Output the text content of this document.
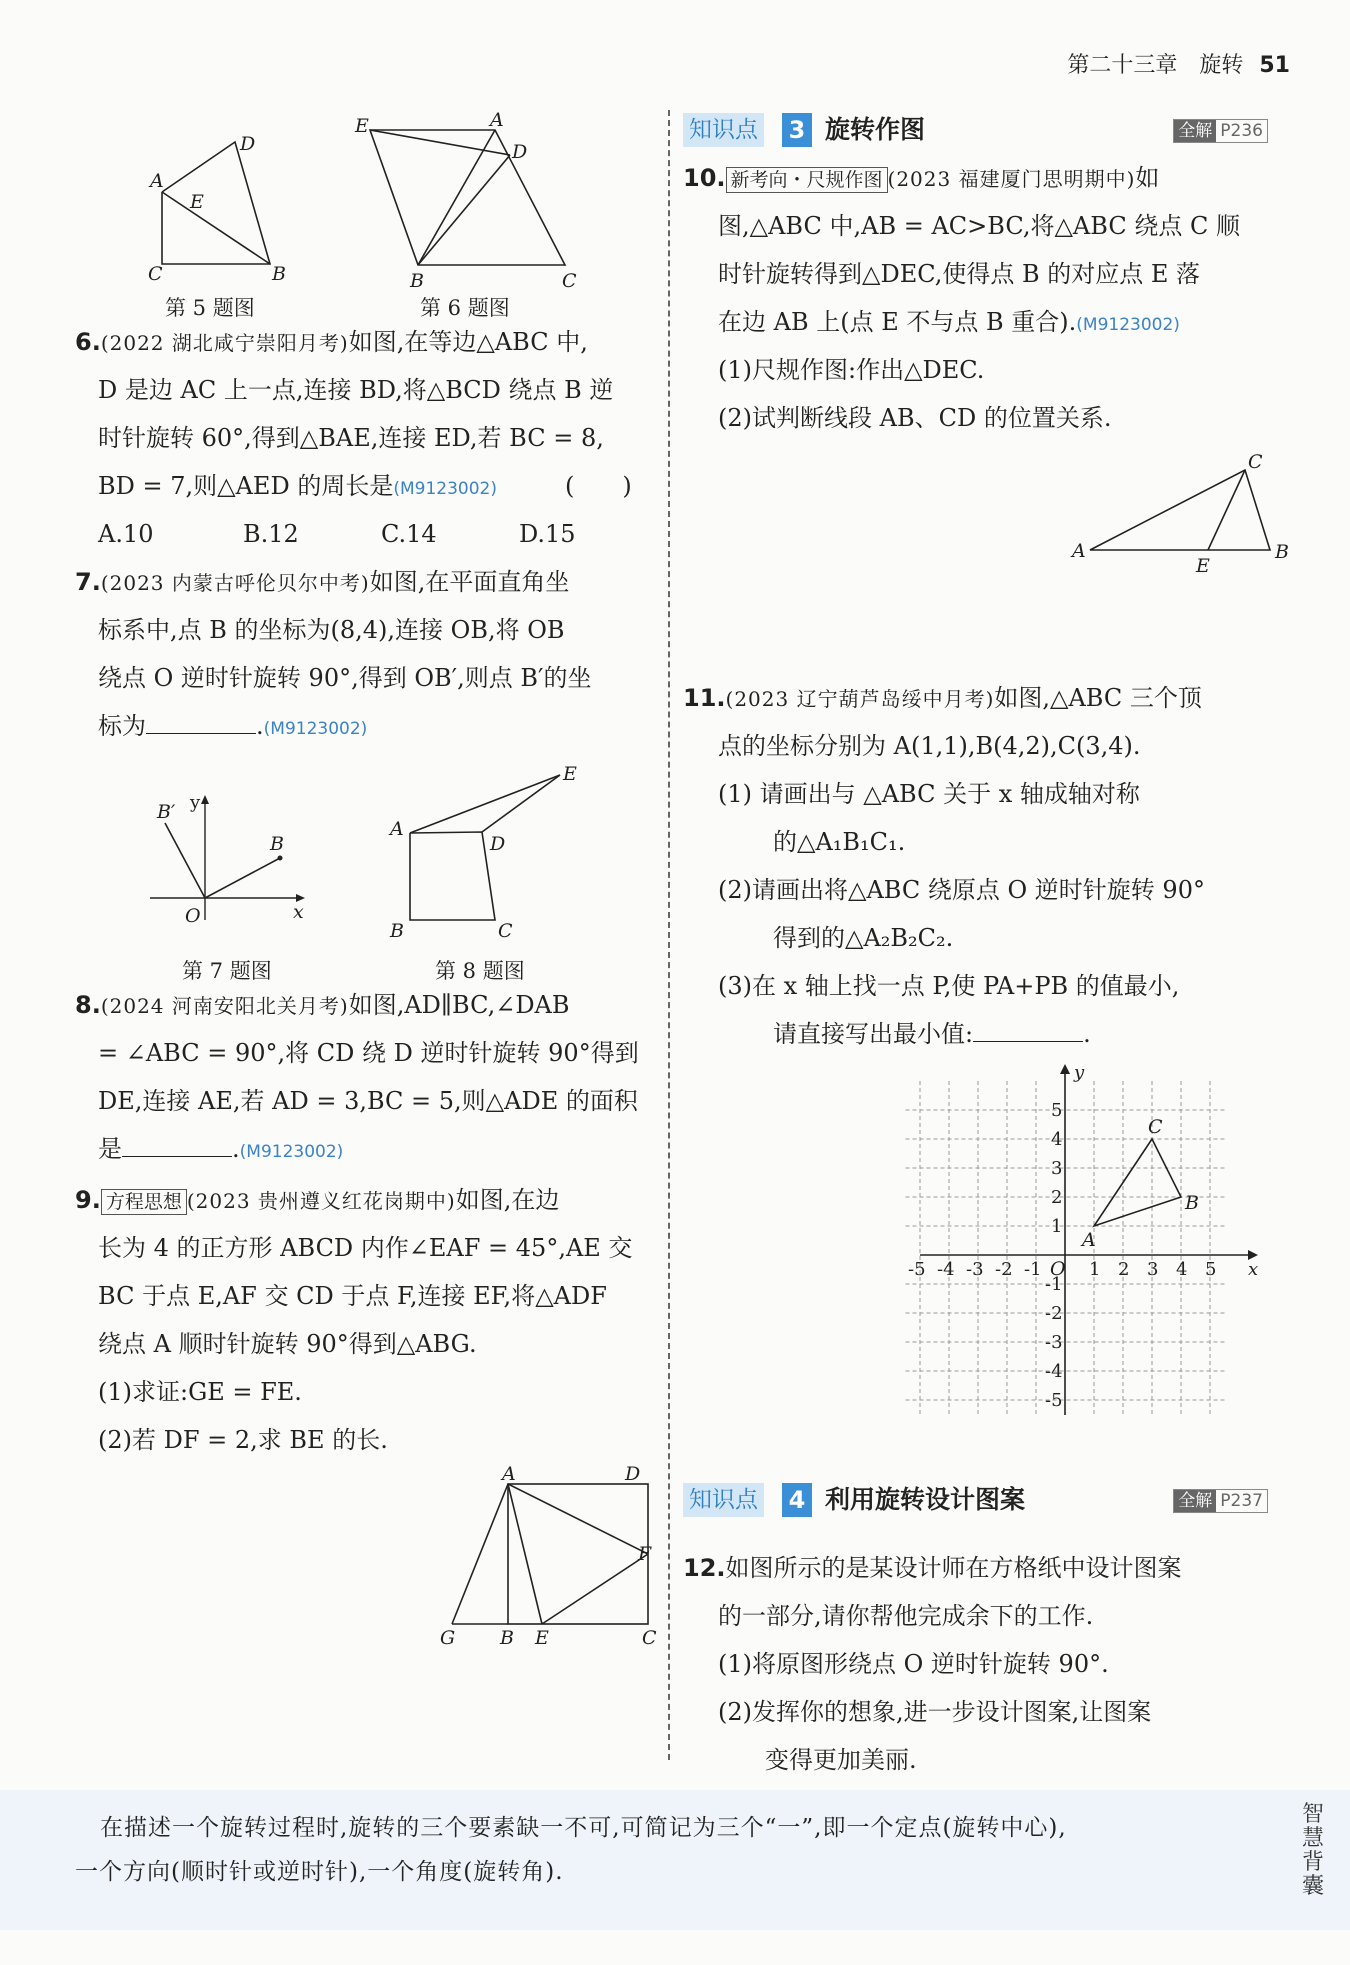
第二十三章　旋转 51
A
B
C
D
E
第 5 题图
E	A
D
B	C
第 6 题图
6.(2022 湖北咸宁崇阳月考)如图,在等边△ABC 中,
D 是边 AC 上一点,连接 BD,将△BCD 绕点 B 逆
时针旋转 60°,得到△BAE,连接 ED,若 BC = 8,
BD = 7,则△AED 的周长是(M9123002)	(　　)
A.10	B.12	C.14	D.15
7.(2023 内蒙古呼伦贝尔中考)如图,在平面直角坐
标系中,点 B 的坐标为(8,4),连接 OB,将 OB
绕点 O 逆时针旋转 90°,得到 OB′,则点 B′的坐
标为	.(M9123002)
B′ y
B
O	x
第 7 题图
A
B	C
D
E
第 8 题图
8.(2024 河南安阳北关月考)如图,AD∥BC,∠DAB
= ∠ABC = 90°,将 CD 绕 D 逆时针旋转 90°得到
DE,连接 AE,若 AD = 3,BC = 5,则△ADE 的面积
是	.(M9123002)
9. 方程思想 (2023 贵州遵义红花岗期中)如图,在边
长为 4 的正方形 ABCD 内作∠EAF = 45°,AE 交
BC 于点 E,AF 交 CD 于点 F,连接 EF,将△ADF
绕点 A 顺时针旋转 90°得到△ABG.
(1)求证:GE = FE.
(2)若 DF = 2,求 BE 的长.
A
B	C
D
E
F
G
知识点 3 旋转作图	全解 P236
10. 新考向・尺规作图 (2023 福建厦门思明期中)如
图,△ABC 中,AB = AC>BC,将△ABC 绕点 C 顺
时针旋转得到△DEC,使得点 B 的对应点 E 落
在边 AB 上(点 E 不与点 B 重合).(M9123002)
(1)尺规作图:作出△DEC.
(2)试判断线段 AB、CD 的位置关系.
A	B
C
E
11.(2023 辽宁葫芦岛绥中月考)如图,△ABC 三个顶
点的坐标分别为 A(1,1),B(4,2),C(3,4).
(1) 请画出与 △ABC 关于 x 轴成轴对称
的△A₁B₁C₁.
(2)请画出将△ABC 绕原点 O 逆时针旋转 90°
得到的△A₂B₂C₂.
(3)在 x 轴上找一点 P,使 PA+PB 的值最小,
请直接写出最小值:	.
-5 -4 -3 -2 -1	1 2 3 4 5
5
4
3
2
1
-1
-2
-3
-4
-5
x
y
O
A
B
C
知识点 4 利用旋转设计图案	全解 P237
12.如图所示的是某设计师在方格纸中设计图案
的一部分,请你帮他完成余下的工作.
(1)将原图形绕点 O 逆时针旋转 90°.
(2)发挥你的想象,进一步设计图案,让图案
变得更加美丽.
在描述一个旋转过程时,旋转的三个要素缺一不可,可简记为三个“一”,即一个定点(旋转中心),
一个方向(顺时针或逆时针),一个角度(旋转角).
智慧背囊
